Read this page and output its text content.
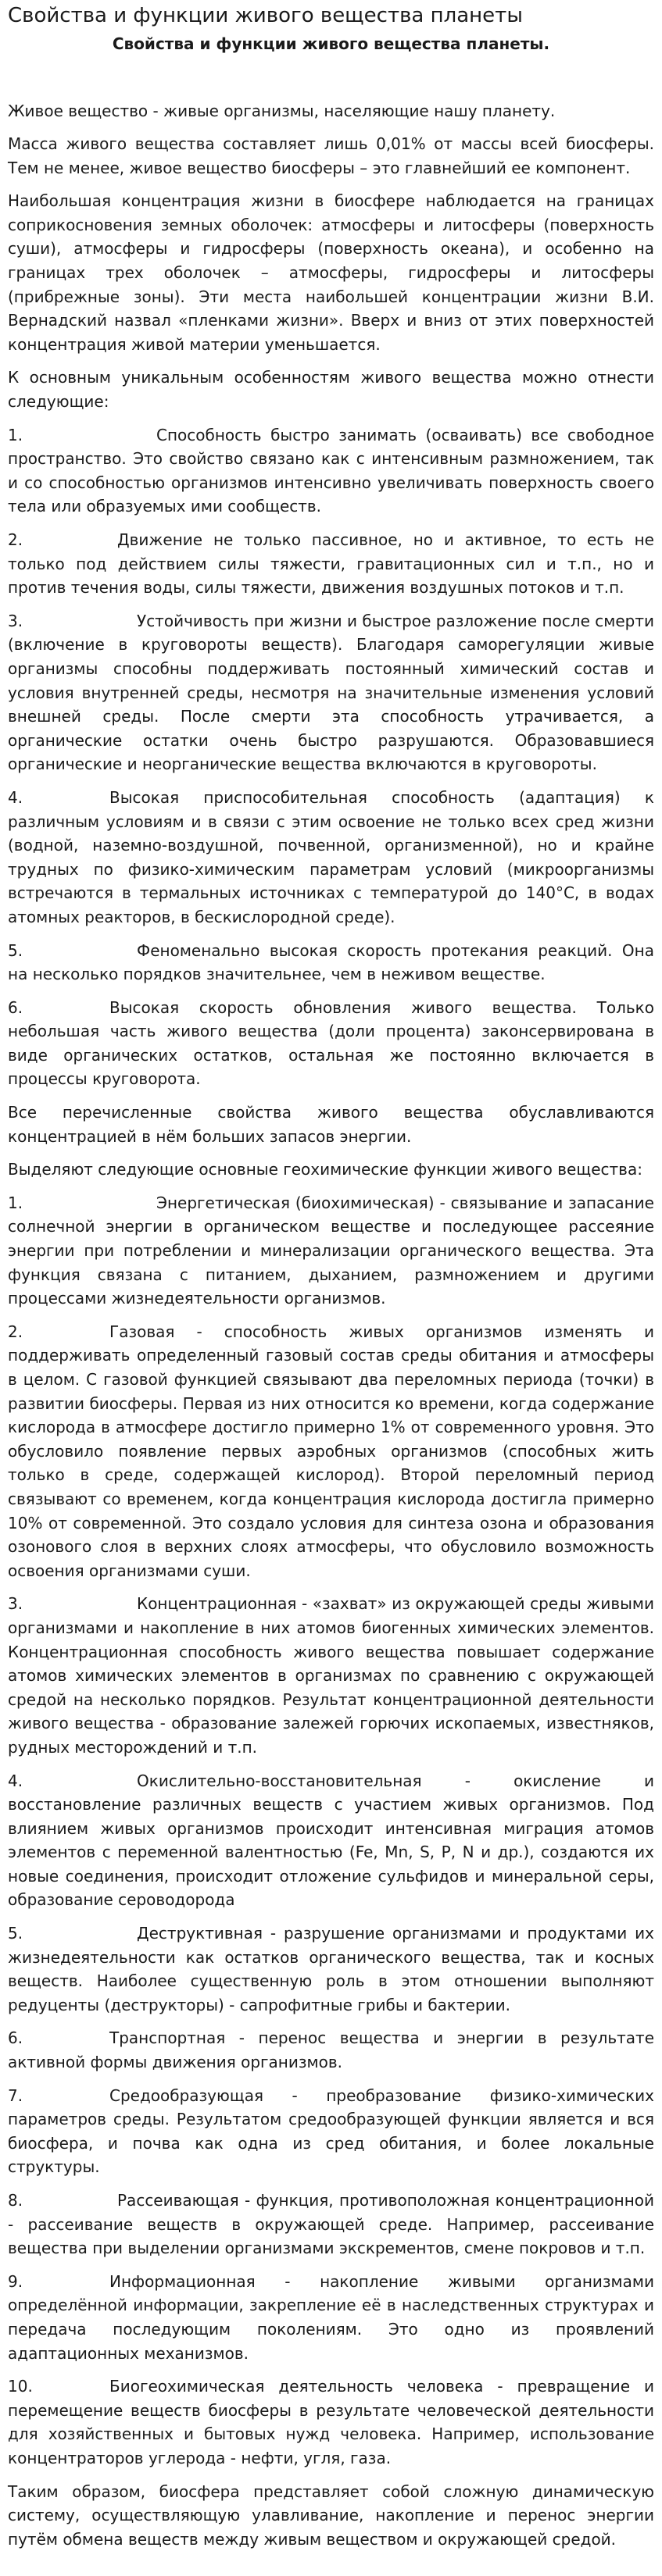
Свойства и функции живого вещества планеты
Свойства и функции живого вещества планеты.

Живое вещество - живые организмы, населяющие нашу планету.

Масса живого вещества составляет лишь 0,01% от массы всей биосферы. Тем не менее, живое вещество биосферы – это главнейший ее компонент.

Наибольшая концентрация жизни в биосфере наблюдается на границах соприкосновения земных оболочек: атмосферы и литосферы (поверхность суши), атмосферы и гидросферы (поверхность океана), и особенно на границах трех оболочек – атмосферы, гидросферы и литосферы (прибрежные зоны). Эти места наибольшей концентрации жизни В.И. Вернадский назвал «пленками жизни». Вверх и вниз от этих поверхностей концентрация живой материи уменьшается.

К основным уникальным особенностям живого вещества можно отнести следующие:

1.	Способность быстро занимать (осваивать) все свободное пространство. Это свойство связано как с интенсивным размножением, так и со способностью организмов интенсивно увеличивать поверхность своего тела или образуемых ими сообществ.

2.	Движение не только пассивное, но и активное, то есть не только под действием силы тяжести, гравитационных сил и т.п., но и против течения воды, силы тяжести, движения воздушных потоков и т.п.

3.	Устойчивость при жизни и быстрое разложение после смерти (включение в круговороты веществ). Благодаря саморегуляции живые организмы способны поддерживать постоянный химический состав и условия внутренней среды, несмотря на значительные изменения условий внешней среды. После смерти эта способность утрачивается, а органические остатки очень быстро разрушаются. Образовавшиеся органические и неорганические вещества включаются в круговороты.

4.	Высокая приспособительная способность (адаптация) к различным условиям и в связи с этим освоение не только всех сред жизни (водной, наземно-воздушной, почвенной, организменной), но и крайне трудных по физико-химическим параметрам условий (микроорганизмы встречаются в термальных источниках с температурой до 140°С, в водах атомных реакторов, в бескислородной среде).

5.	Феноменально высокая скорость протекания реакций. Она на несколько порядков значительнее, чем в неживом веществе.

6.	Высокая скорость обновления живого вещества. Только небольшая часть живого вещества (доли процента) законсервирована в виде органических остатков, остальная же постоянно включается в процессы круговорота.

Все перечисленные свойства живого вещества обуславливаются концентрацией в нём больших запасов энергии.

Выделяют следующие основные геохимические функции живого вещества:

1.	Энергетическая (биохимическая) - связывание и запасание солнечной энергии в органическом веществе и последующее рассеяние энергии при потреблении и минерализации органического вещества. Эта функция связана с питанием, дыханием, размножением и другими процессами жизнедеятельности организмов.

2.	Газовая - способность живых организмов изменять и поддерживать определенный газовый состав среды обитания и атмосферы в целом. С газовой функцией связывают два переломных периода (точки) в развитии биосферы. Первая из них относится ко времени, когда содержание кислорода в атмосфере достигло примерно 1% от современного уровня. Это обусловило появление первых аэробных организмов (способных жить только в среде, содержащей кислород). Второй переломный период связывают со временем, когда концентрация кислорода достигла примерно 10% от современной. Это создало условия для синтеза озона и образования озонового слоя в верхних слоях атмосферы, что обусловило возможность освоения организмами суши.

3.	Концентрационная - «захват» из окружающей среды живыми организмами и накопление в них атомов биогенных химических элементов. Концентрационная способность живого вещества повышает содержание атомов химических элементов в организмах по сравнению с окружающей средой на несколько порядков. Результат концентрационной деятельности живого вещества - образование залежей горючих ископаемых, известняков, рудных месторождений и т.п.

4.	Окислительно-восстановительная - окисление и восстановление различных веществ с участием живых организмов. Под влиянием живых организмов происходит интенсивная миграция атомов элементов с переменной валентностью (Fe, Mn, S, P, N и др.), создаются их новые соединения, происходит отложение сульфидов и минеральной серы, образование сероводорода

5.	Деструктивная - разрушение организмами и продуктами их жизнедеятельности как остатков органического вещества, так и косных веществ. Наиболее существенную роль в этом отношении выполняют редуценты (деструкторы) - сапрофитные грибы и бактерии.

6.	Транспортная - перенос вещества и энергии в результате активной формы движения организмов.

7.	Средообразующая - преобразование физико-химических параметров среды. Результатом средообразующей функции является и вся биосфера, и почва как одна из сред обитания, и более локальные структуры.

8.	Рассеивающая - функция, противоположная концентрационной - рассеивание веществ в окружающей среде. Например, рассеивание вещества при выделении организмами экскрементов, смене покровов и т.п.

9.	Информационная - накопление живыми организмами определённой информации, закрепление её в наследственных структурах и передача последующим поколениям. Это одно из проявлений адаптационных механизмов.

10.	Биогеохимическая деятельность человека - превращение и перемещение веществ биосферы в результате человеческой деятельности для хозяйственных и бытовых нужд человека. Например, использование концентраторов углерода - нефти, угля, газа.

Таким образом, биосфера представляет собой сложную динамическую систему, осуществляющую улавливание, накопление и перенос энергии путём обмена веществ между живым веществом и окружающей средой.
